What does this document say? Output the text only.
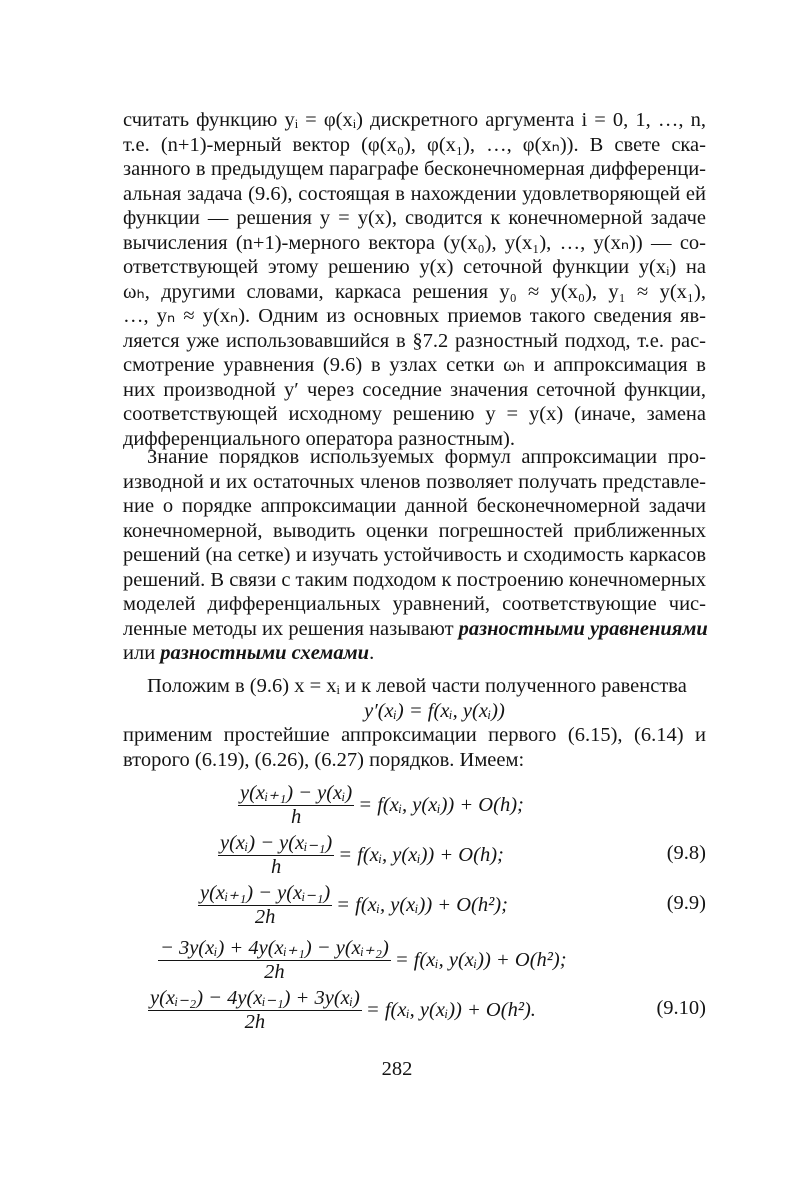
считать функцию yᵢ = φ(xᵢ) дискретного аргумента i = 0, 1, …, n,
т.е. (n+1)-мерный вектор (φ(x₀), φ(x₁), …, φ(xₙ)). В свете ска-
занного в предыдущем параграфе бесконечномерная дифференци-
альная задача (9.6), состоящая в нахождении удовлетворяющей ей
функции — решения y = y(x), сводится к конечномерной задаче
вычисления (n+1)-мерного вектора (y(x₀), y(x₁), …, y(xₙ)) — со-
ответствующей этому решению y(x) сеточной функции y(xᵢ) на
ωₕ, другими словами, каркаса решения y₀ ≈ y(x₀), y₁ ≈ y(x₁),
…, yₙ ≈ y(xₙ). Одним из основных приемов такого сведения яв-
ляется уже использовавшийся в §7.2 разностный подход, т.е. рас-
смотрение уравнения (9.6) в узлах сетки ωₕ и аппроксимация в
них производной y′ через соседние значения сеточной функции,
соответствующей исходному решению y = y(x) (иначе, замена
дифференциального оператора разностным).
Знание порядков используемых формул аппроксимации про-
изводной и их остаточных членов позволяет получать представле-
ние о порядке аппроксимации данной бесконечномерной задачи
конечномерной, выводить оценки погрешностей приближенных
решений (на сетке) и изучать устойчивость и сходимость каркасов
решений. В связи с таким подходом к построению конечномерных
моделей дифференциальных уравнений, соответствующие чис-
ленные методы их решения называют разностными уравнениями
или разностными схемами.
Положим в (9.6) x = xᵢ и к левой части полученного равенства
y′(xᵢ) = f(xᵢ, y(xᵢ))
применим простейшие аппроксимации первого (6.15), (6.14) и
второго (6.19), (6.26), (6.27) порядков. Имеем:
$\frac{\text{y(xᵢ₊₁) − y(xᵢ)}}{h}$ = f(xᵢ, y(xᵢ)) + O(h);
$\frac{\text{y(xᵢ) − y(xᵢ₋₁)}}{h}$ = f(xᵢ, y(xᵢ)) + O(h);	(9.8)
$\frac{\text{y(xᵢ₊₁) − y(xᵢ₋₁)}}{2h}$ = f(xᵢ, y(xᵢ)) + O(h²);	(9.9)
$\frac{\text{− 3y(xᵢ) + 4y(xᵢ₊₁) − y(xᵢ₊₂)}}{2h}$ = f(xᵢ, y(xᵢ)) + O(h²);
$\frac{\text{y(xᵢ₋₂) − 4y(xᵢ₋₁) + 3y(xᵢ)}}{2h}$ = f(xᵢ, y(xᵢ)) + O(h²).	(9.10)
282
